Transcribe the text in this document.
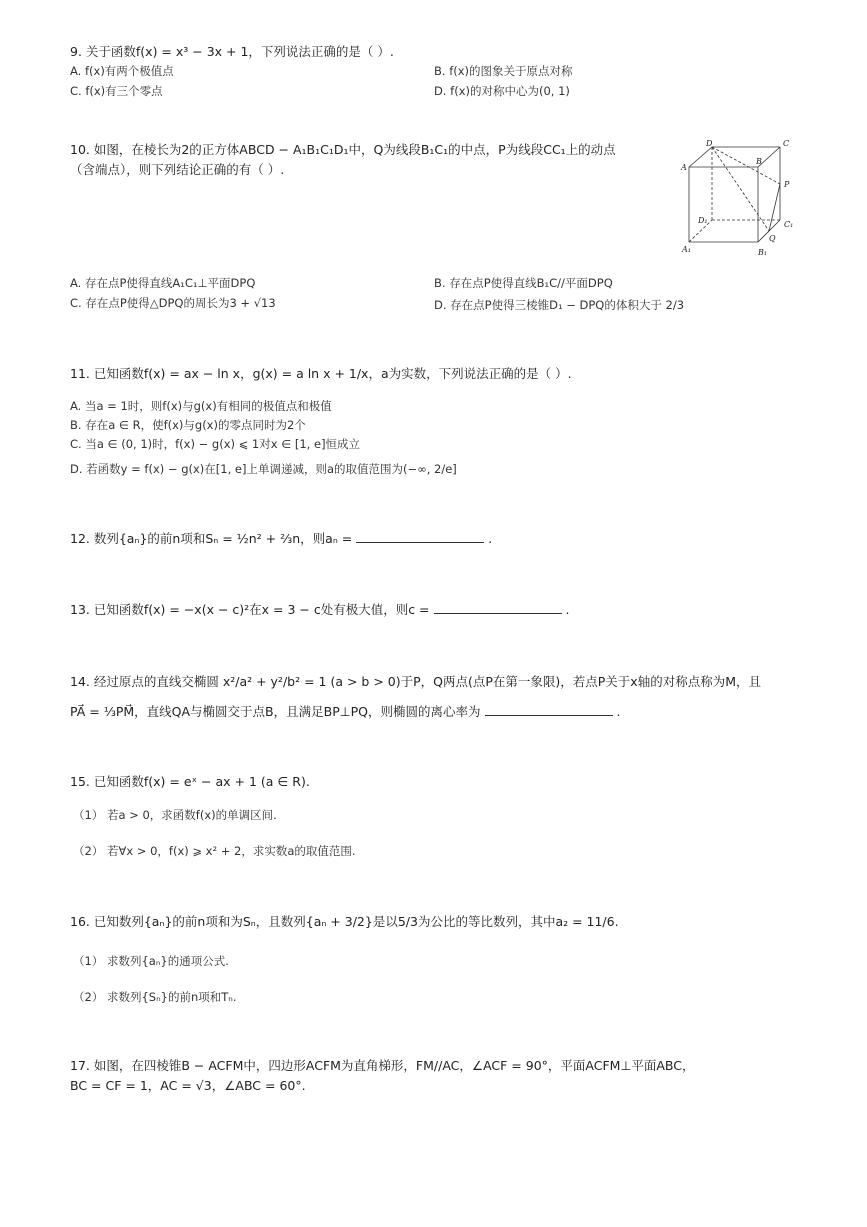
9. 关于函数f(x) = x³ − 3x + 1，下列说法正确的是（ ）.
A. f(x)有两个极值点	B. f(x)的图象关于原点对称
C. f(x)有三个零点	D. f(x)的对称中心为(0, 1)
10. 如图，在棱长为2的正方体ABCD − A₁B₁C₁D₁中，Q为线段B₁C₁的中点，P为线段CC₁上的动点
（含端点），则下列结论正确的有（ ）.
D	C
A
B
P
D₁	C₁
Q
A₁	B₁
A. 存在点P使得直线A₁C₁⊥平面DPQ	B. 存在点P使得直线B₁C//平面DPQ
C. 存在点P使得△DPQ的周长为3 + √13	D. 存在点P使得三棱锥D₁ − DPQ的体积大于 2/3
11. 已知函数f(x) = ax − ln x，g(x) = a ln x + 1/x，a为实数，下列说法正确的是（ ）.
A. 当a = 1时，则f(x)与g(x)有相同的极值点和极值
B. 存在a ∈ R，使f(x)与g(x)的零点同时为2个
C. 当a ∈ (0, 1)时，f(x) − g(x) ⩽ 1对x ∈ [1, e]恒成立
D. 若函数y = f(x) − g(x)在[1, e]上单调递减，则a的取值范围为(−∞, 2/e]
12. 数列{aₙ}的前n项和Sₙ = ½n² + ⅔n，则aₙ =	.
13. 已知函数f(x) = −x(x − c)²在x = 3 − c处有极大值，则c =	.
14. 经过原点的直线交椭圆 x²/a² + y²/b² = 1 (a > b > 0)于P，Q两点(点P在第一象限)，若点P关于x轴的对称点称为M，且
PA⃗ = ⅓PM⃗，直线QA与椭圆交于点B，且满足BP⊥PQ，则椭圆的离心率为	.
15. 已知函数f(x) = eˣ − ax + 1 (a ∈ R).
（1） 若a > 0，求函数f(x)的单调区间.
（2） 若∀x > 0，f(x) ⩾ x² + 2，求实数a的取值范围.
16. 已知数列{aₙ}的前n项和为Sₙ，且数列{aₙ + 3/2}是以5/3为公比的等比数列，其中a₂ = 11/6.
（1） 求数列{aₙ}的通项公式.
（2） 求数列{Sₙ}的前n项和Tₙ.
17. 如图，在四棱锥B − ACFM中，四边形ACFM为直角梯形，FM//AC，∠ACF = 90°，平面ACFM⊥平面ABC，
BC = CF = 1，AC = √3，∠ABC = 60°.
